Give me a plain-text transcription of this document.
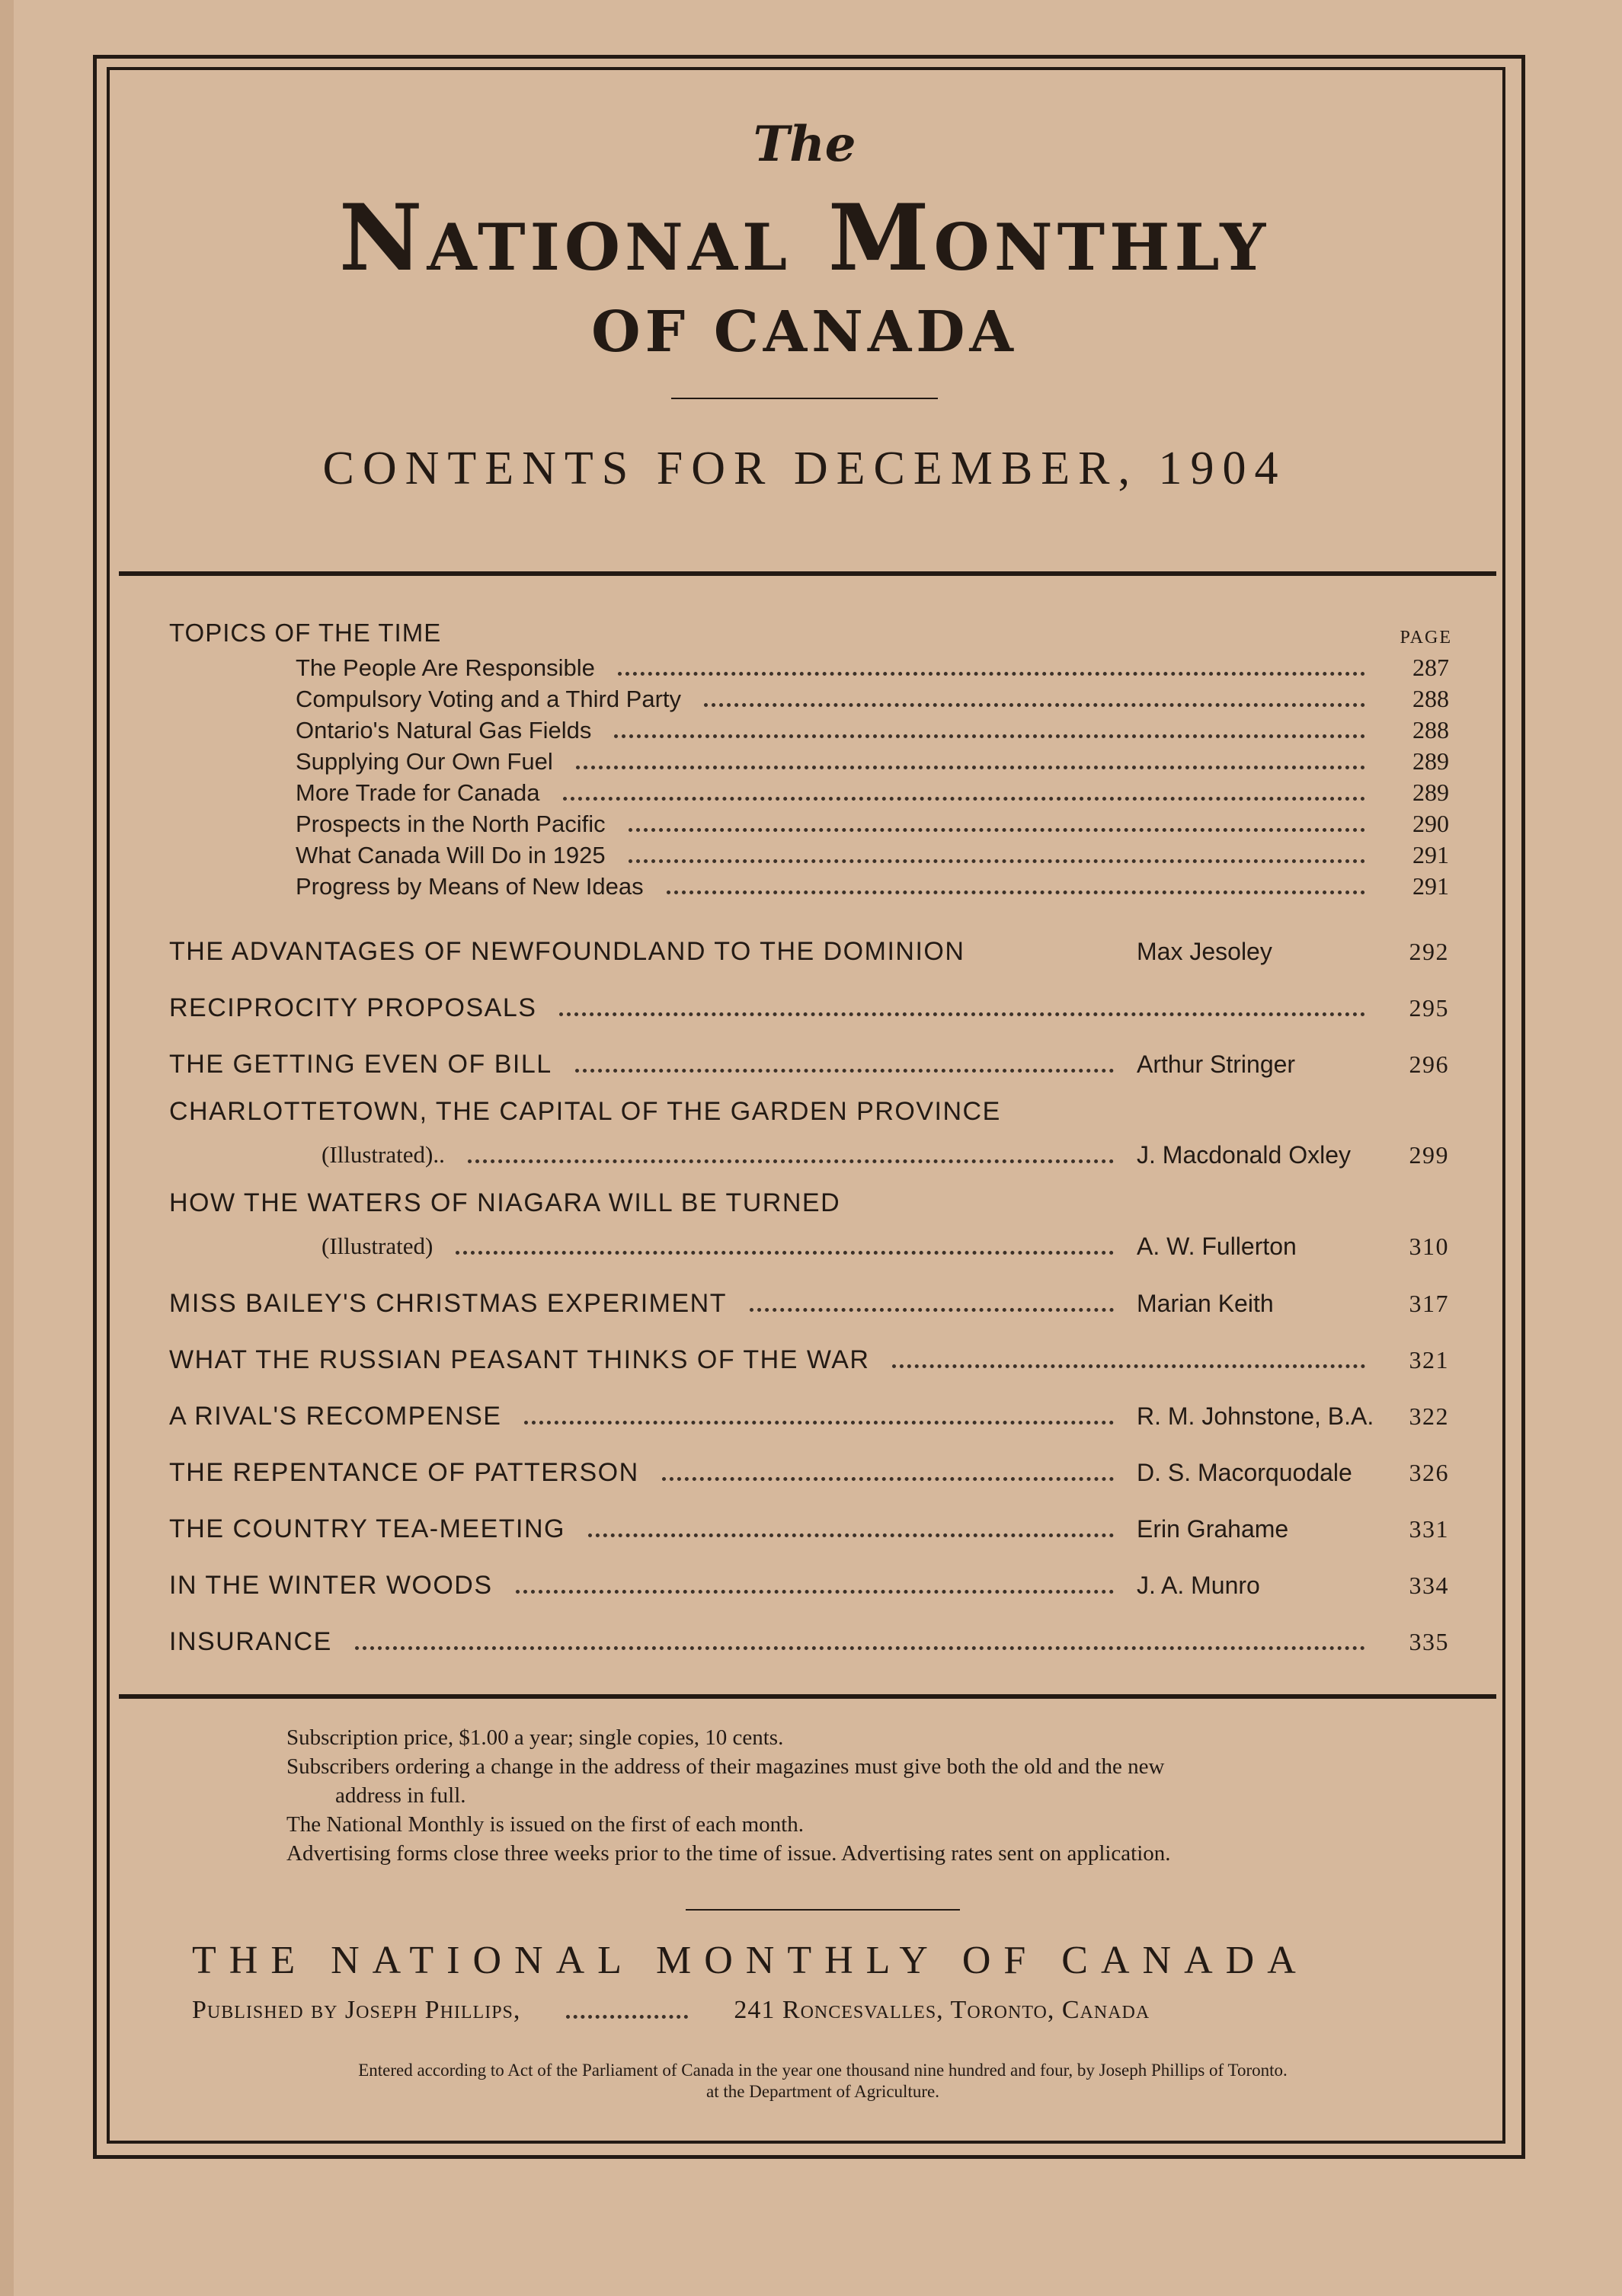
The
National Monthly
OF CANADA
CONTENTS FOR DECEMBER, 1904
TOPICS OF THE TIME	PAGE
The People Are Responsible	287
Compulsory Voting and a Third Party	288
Ontario's Natural Gas Fields	288
Supplying Our Own Fuel	289
More Trade for Canada	289
Prospects in the North Pacific	290
What Canada Will Do in 1925	291
Progress by Means of New Ideas	291
THE ADVANTAGES OF NEWFOUNDLAND TO THE DOMINION	Max Jesoley	292
RECIPROCITY PROPOSALS	295
THE GETTING EVEN OF BILL	Arthur Stringer	296
CHARLOTTETOWN, THE CAPITAL OF THE GARDEN PROVINCE
(Illustrated)..	J. Macdonald Oxley	299
HOW THE WATERS OF NIAGARA WILL BE TURNED
(Illustrated)	A. W. Fullerton	310
MISS BAILEY'S CHRISTMAS EXPERIMENT	Marian Keith	317
WHAT THE RUSSIAN PEASANT THINKS OF THE WAR	321
A RIVAL'S RECOMPENSE	R. M. Johnstone, B.A.	322
THE REPENTANCE OF PATTERSON	D. S. Macorquodale	326
THE COUNTRY TEA-MEETING	Erin Grahame	331
IN THE WINTER WOODS	J. A. Munro	334
INSURANCE	335

Subscription price, $1.00 a year; single copies, 10 cents.

Subscribers ordering a change in the address of their magazines must give both the old and the new

address in full.

The National Monthly is issued on the first of each month.

Advertising forms close three weeks prior to the time of issue. Advertising rates sent on application.

THE NATIONAL MONTHLY OF CANADA
Published by Joseph Phillips,	241 Roncesvalles, Toronto, Canada
Entered according to Act of the Parliament of Canada in the year one thousand nine hundred and four, by Joseph Phillips of Toronto.
at the Department of Agriculture.
